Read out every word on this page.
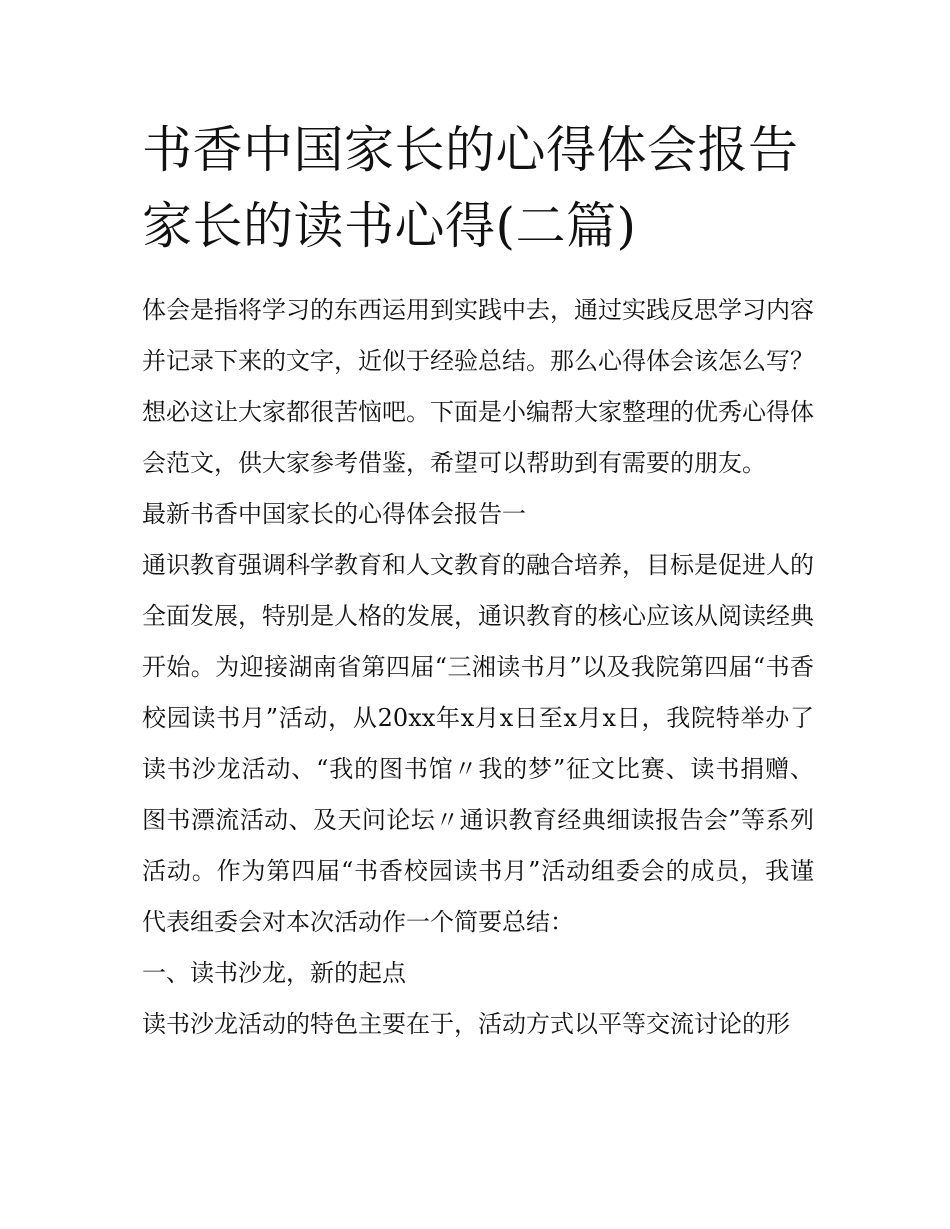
书香中国家长的心得体会报告家长的读书心得(二篇)

体会是指将学习的东西运用到实践中去，通过实践反思学习内容并记录下来的文字，近似于经验总结。那么心得体会该怎么写？想必这让大家都很苦恼吧。下面是小编帮大家整理的优秀心得体会范文，供大家参考借鉴，希望可以帮助到有需要的朋友。

最新书香中国家长的心得体会报告一

通识教育强调科学教育和人文教育的融合培养，目标是促进人的全面发展，特别是人格的发展，通识教育的核心应该从阅读经典开始。为迎接湖南省第四届“三湘读书月”以及我院第四届“书香校园读书月”活动，从20xx年x月x日至x月x日，我院特举办了读书沙龙活动、“我的图书馆〃我的梦”征文比赛、读书捐赠、图书漂流活动、及天问论坛〃通识教育经典细读报告会”等系列活动。作为第四届“书香校园读书月”活动组委会的成员，我谨代表组委会对本次活动作一个简要总结：

一、读书沙龙，新的起点

读书沙龙活动的特色主要在于，活动方式以平等交流讨论的形
